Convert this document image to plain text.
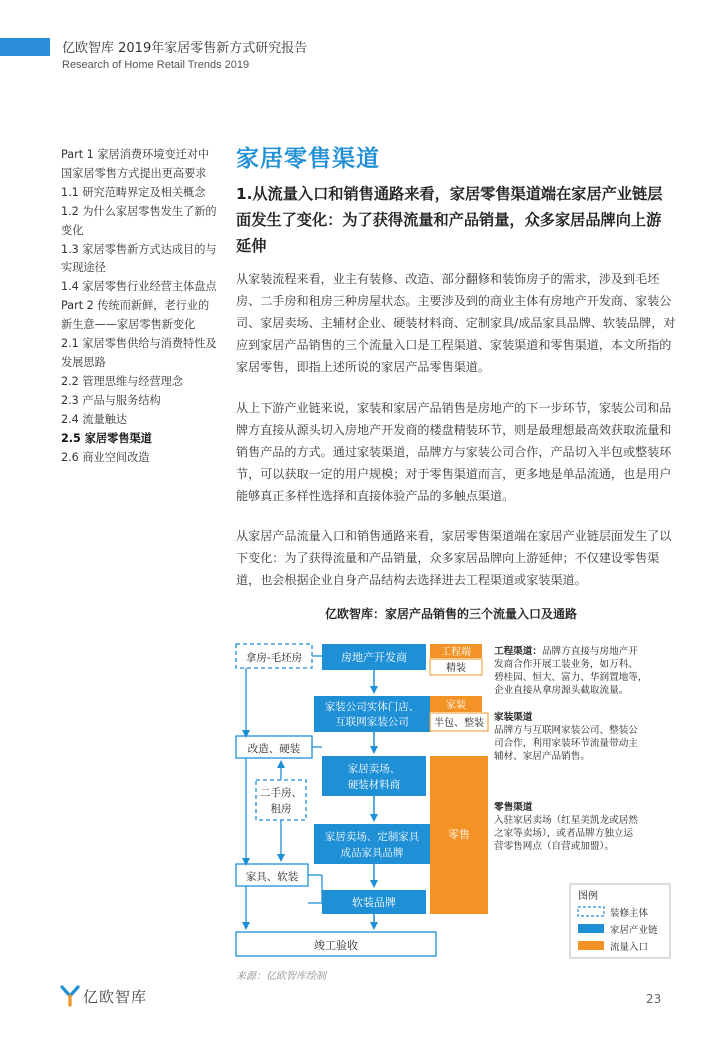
亿欧智库 2019年家居零售新方式研究报告
Research of Home Retail Trends 2019
Part 1 家居消费环境变迁对中
国家居零售方式提出更高要求
1.1 研究范畴界定及相关概念
1.2 为什么家居零售发生了新的
变化
1.3 家居零售新方式达成目的与
实现途径
1.4 家居零售行业经营主体盘点
Part 2 传统而新鲜，老行业的
新生意——家居零售新变化
2.1 家居零售供给与消费特性及
发展思路
2.2 管理思维与经营理念
2.3 产品与服务结构
2.4 流量触达
2.5 家居零售渠道
2.6 商业空间改造
家居零售渠道
1.从流量入口和销售通路来看，家居零售渠道端在家居产业链层面发生了变化：为了获得流量和产品销量，众多家居品牌向上游延伸

从家装流程来看，业主有装修、改造、部分翻修和装饰房子的需求，涉及到毛坯房、二手房和租房三种房屋状态。主要涉及到的商业主体有房地产开发商、家装公司、家居卖场、主辅材企业、硬装材料商、定制家具/成品家具品牌、软装品牌，对应到家居产品销售的三个流量入口是工程渠道、家装渠道和零售渠道，本文所指的家居零售，即指上述所说的家居产品零售渠道。

从上下游产业链来说，家装和家居产品销售是房地产的下一步环节，家装公司和品牌方直接从源头切入房地产开发商的楼盘精装环节，则是最理想最高效获取流量和销售产品的方式。通过家装渠道，品牌方与家装公司合作，产品切入半包或整装环节，可以获取一定的用户规模；对于零售渠道而言，更多地是单品流通，也是用户能够真正多样性选择和直接体验产品的多触点渠道。

从家居产品流量入口和销售通路来看，家居零售渠道端在家居产业链层面发生了以下变化：为了获得流量和产品销量，众多家居品牌向上游延伸；不仅建设零售渠道，也会根据企业自身产品结构去选择进去工程渠道或家装渠道。

亿欧智库：家居产品销售的三个流量入口及通路
拿房-毛坯房
改造、硬装
二手房、
租房
家具、软装
竣工验收
房地产开发商
家装公司实体门店、
互联网家装公司
家居卖场、
硬装材料商
家居卖场、定制家具
成品家具品牌
软装品牌
工程端
精装
家装
半包、整装
零售
工程渠道：品牌方直接与房地产开
发商合作开展工装业务，如万科、
碧桂园、恒大、富力、华润置地等，
企业直接从拿房源头截取流量。
家装渠道
品牌方与互联网家装公司、整装公
司合作，利用家装环节流量带动主
辅材、家居产品销售。
零售渠道
入驻家居卖场（红星美凯龙或居然
之家等卖场），或者品牌方独立运
营零售网点（自营或加盟）。
图例
装修主体
家居产业链
流量入口
来源：亿欧智库绘制
亿欧智库	23
